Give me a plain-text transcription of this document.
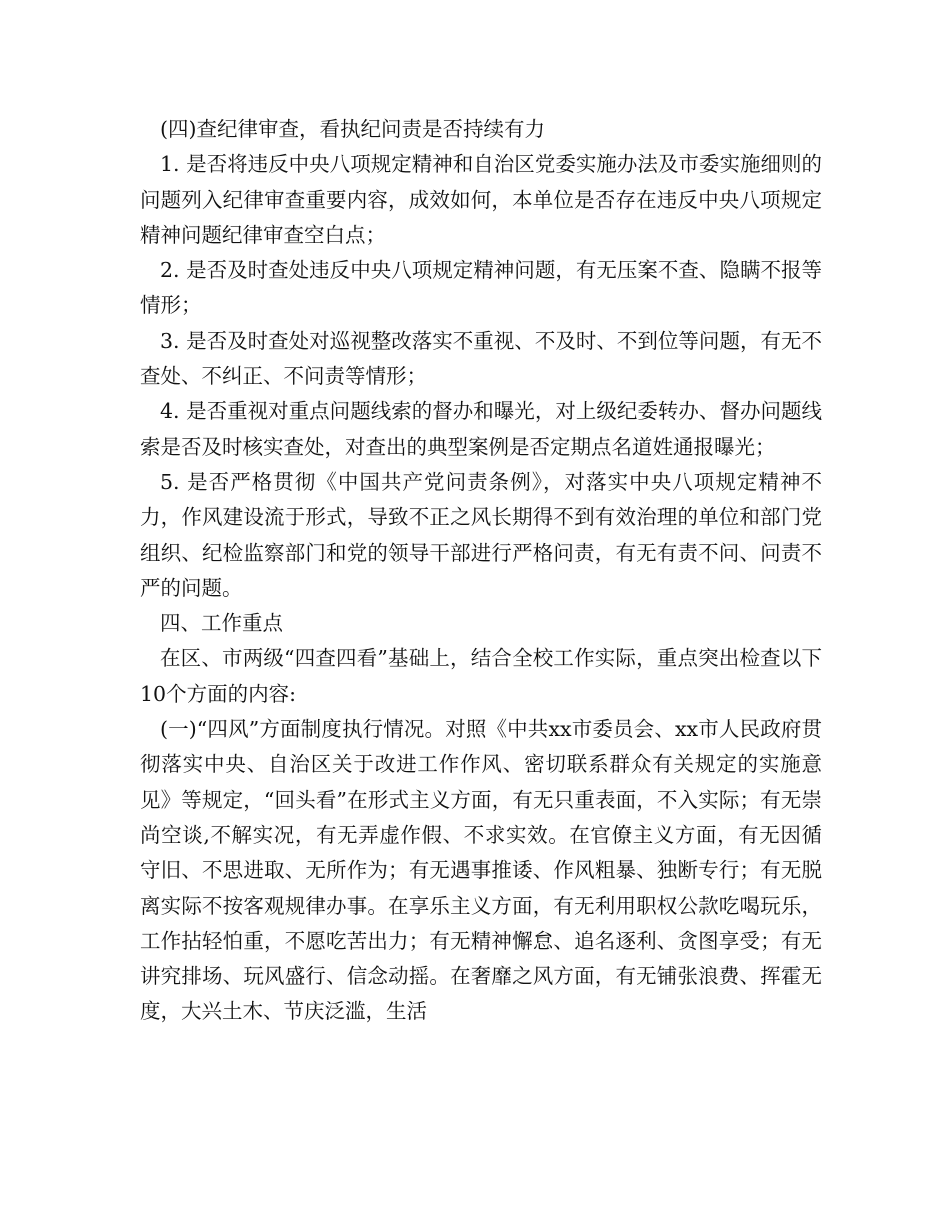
(四)查纪律审查，看执纪问责是否持续有力

1. 是否将违反中央八项规定精神和自治区党委实施办法及市委实施细则的问题列入纪律审查重要内容，成效如何，本单位是否存在违反中央八项规定精神问题纪律审查空白点；

2. 是否及时查处违反中央八项规定精神问题，有无压案不查、隐瞒不报等情形；

3. 是否及时查处对巡视整改落实不重视、不及时、不到位等问题，有无不查处、不纠正、不问责等情形；

4. 是否重视对重点问题线索的督办和曝光，对上级纪委转办、督办问题线索是否及时核实查处，对查出的典型案例是否定期点名道姓通报曝光；

5. 是否严格贯彻《中国共产党问责条例》，对落实中央八项规定精神不力，作风建设流于形式，导致不正之风长期得不到有效治理的单位和部门党组织、纪检监察部门和党的领导干部进行严格问责，有无有责不问、问责不严的问题。

四、工作重点

在区、市两级“四查四看”基础上，结合全校工作实际，重点突出检查以下10个方面的内容:

(一)“四风”方面制度执行情况。对照《中共xx市委员会、xx市人民政府贯彻落实中央、自治区关于改进工作作风、密切联系群众有关规定的实施意见》等规定，“回头看”在形式主义方面，有无只重表面，不入实际；有无崇尚空谈,不解实况，有无弄虚作假、不求实效。在官僚主义方面，有无因循守旧、不思进取、无所作为；有无遇事推诿、作风粗暴、独断专行；有无脱离实际不按客观规律办事。在享乐主义方面，有无利用职权公款吃喝玩乐，工作拈轻怕重，不愿吃苦出力；有无精神懈怠、追名逐利、贪图享受；有无讲究排场、玩风盛行、信念动摇。在奢靡之风方面，有无铺张浪费、挥霍无度，大兴土木、节庆泛滥，生活
